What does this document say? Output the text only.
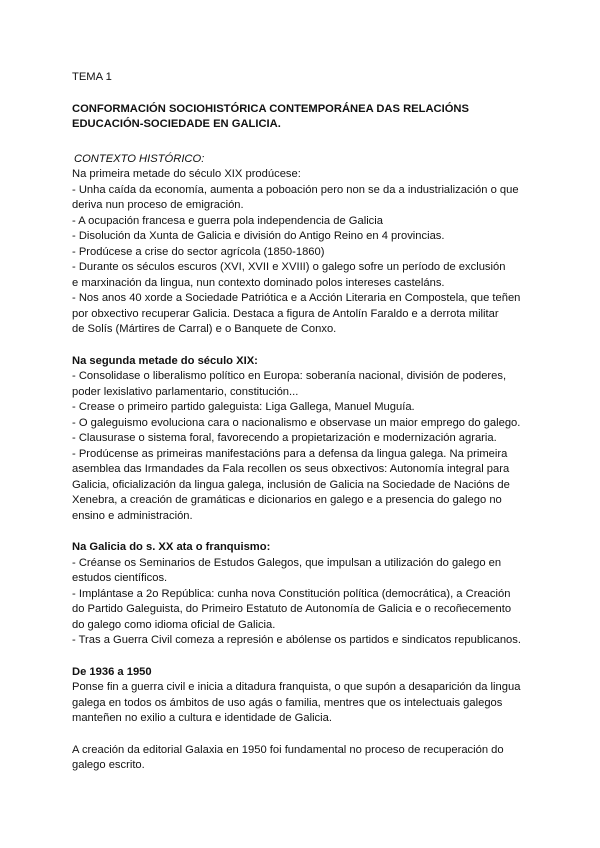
TEMA 1

CONFORMACIÓN SOCIOHISTÓRICA CONTEMPORÁNEA DAS RELACIÓNS
EDUCACIÓN-SOCIEDADE EN GALICIA.
CONTEXTO HISTÓRICO:
Na primeira metade do século XIX prodúcese:
- Unha caída da economía, aumenta a poboación pero non se da a industrialización o que
deriva nun proceso de emigración.
- A ocupación francesa e guerra pola independencia de Galicia
- Disolución da Xunta de Galicia e división do Antigo Reino en 4 provincias.
- Prodúcese a crise do sector agrícola (1850-1860)
- Durante os séculos escuros (XVI, XVII e XVIII) o galego sofre un período de exclusión
e marxinación da lingua, nun contexto dominado polos intereses casteláns.
- Nos anos 40 xorde a Sociedade Patriótica e a Acción Literaria en Compostela, que teñen
por obxectivo recuperar Galicia. Destaca a figura de Antolín Faraldo e a derrota militar
de Solís (Mártires de Carral) e o Banquete de Conxo.
Na segunda metade do século XIX:
- Consolidase o liberalismo político en Europa: soberanía nacional, división de poderes,
poder lexislativo parlamentario, constitución...
- Crease o primeiro partido galeguista: Liga Gallega, Manuel Muguía.
- O galeguismo evoluciona cara o nacionalismo e observase un maior emprego do galego.
- Clausurase o sistema foral, favorecendo a propietarización e modernización agraria.
- Prodúcense as primeiras manifestacións para a defensa da lingua galega. Na primeira
asemblea das Irmandades da Fala recollen os seus obxectivos: Autonomía integral para
Galicia, oficialización da lingua galega, inclusión de Galicia na Sociedade de Nacións de
Xenebra, a creación de gramáticas e dicionarios en galego e a presencia do galego no
ensino e administración.
Na Galicia do s. XX ata o franquismo:
- Créanse os Seminarios de Estudos Galegos, que impulsan a utilización do galego en
estudos científicos.
- Implántase a 2o República: cunha nova Constitución política (democrática), a Creación
do Partido Galeguista, do Primeiro Estatuto de Autonomía de Galicia e o recoñecemento
do galego como idioma oficial de Galicia.
- Tras a Guerra Civil comeza a represión e abólense os partidos e sindicatos republicanos.
De 1936 a 1950
Ponse fin a guerra civil e inicia a ditadura franquista, o que supón a desaparición da lingua
galega en todos os ámbitos de uso agás o familia, mentres que os intelectuais galegos
manteñen no exilio a cultura e identidade de Galicia.
A creación da editorial Galaxia en 1950 foi fundamental no proceso de recuperación do
galego escrito.
